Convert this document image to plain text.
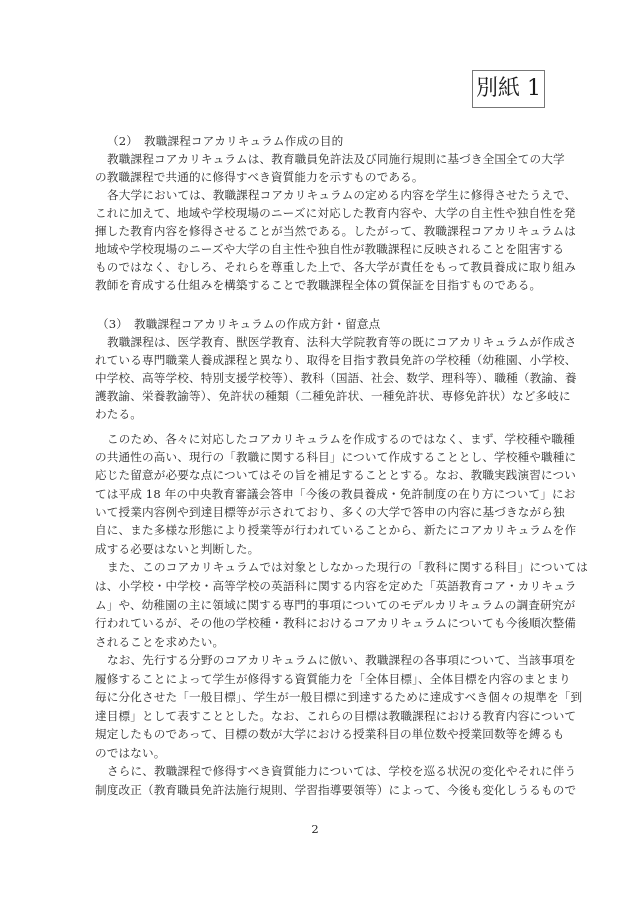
別紙 1
（2）　教職課程コアカリキュラム作成の目的
教職課程コアカリキュラムは、教育職員免許法及び同施行規則に基づき全国全ての大学
の教職課程で共通的に修得すべき資質能力を示すものである。
各大学においては、教職課程コアカリキュラムの定める内容を学生に修得させたうえで、
これに加えて、地域や学校現場のニーズに対応した教育内容や、大学の自主性や独自性を発
揮した教育内容を修得させることが当然である。したがって、教職課程コアカリキュラムは
地域や学校現場のニーズや大学の自主性や独自性が教職課程に反映されることを阻害する
ものではなく、むしろ、それらを尊重した上で、各大学が責任をもって教員養成に取り組み
教師を育成する仕組みを構築することで教職課程全体の質保証を目指すものである。
（3）　教職課程コアカリキュラムの作成方針・留意点
教職課程は、医学教育、獣医学教育、法科大学院教育等の既にコアカリキュラムが作成さ
れている専門職業人養成課程と異なり、取得を目指す教員免許の学校種（幼稚園、小学校、
中学校、高等学校、特別支援学校等）、教科（国語、社会、数学、理科等）、職種（教諭、養
護教諭、栄養教諭等）、免許状の種類（二種免許状、一種免許状、専修免許状）など多岐に
わたる。
このため、各々に対応したコアカリキュラムを作成するのではなく、まず、学校種や職種
の共通性の高い、現行の「教職に関する科目」について作成することとし、学校種や職種に
応じた留意が必要な点についてはその旨を補足することとする。なお、教職実践演習につい
ては平成 18 年の中央教育審議会答申「今後の教員養成・免許制度の在り方について」にお
いて授業内容例や到達目標等が示されており、多くの大学で答申の内容に基づきながら独
自に、また多様な形態により授業等が行われていることから、新たにコアカリキュラムを作
成する必要はないと判断した。
また、このコアカリキュラムでは対象としなかった現行の「教科に関する科目」については
は、小学校・中学校・高等学校の英語科に関する内容を定めた「英語教育コア・カリキュラ
ム」や、幼稚園の主に領域に関する専門的事項についてのモデルカリキュラムの調査研究が
行われているが、その他の学校種・教科におけるコアカリキュラムについても今後順次整備
されることを求めたい。
なお、先行する分野のコアカリキュラムに倣い、教職課程の各事項について、当該事項を
履修することによって学生が修得する資質能力を「全体目標」、全体目標を内容のまとまり
毎に分化させた「一般目標」、学生が一般目標に到達するために達成すべき個々の規準を「到
達目標」として表すこととした。なお、これらの目標は教職課程における教育内容について
規定したものであって、目標の数が大学における授業科目の単位数や授業回数等を縛るも
のではない。
さらに、教職課程で修得すべき資質能力については、学校を巡る状況の変化やそれに伴う
制度改正（教育職員免許法施行規則、学習指導要領等）によって、今後も変化しうるもので
2
